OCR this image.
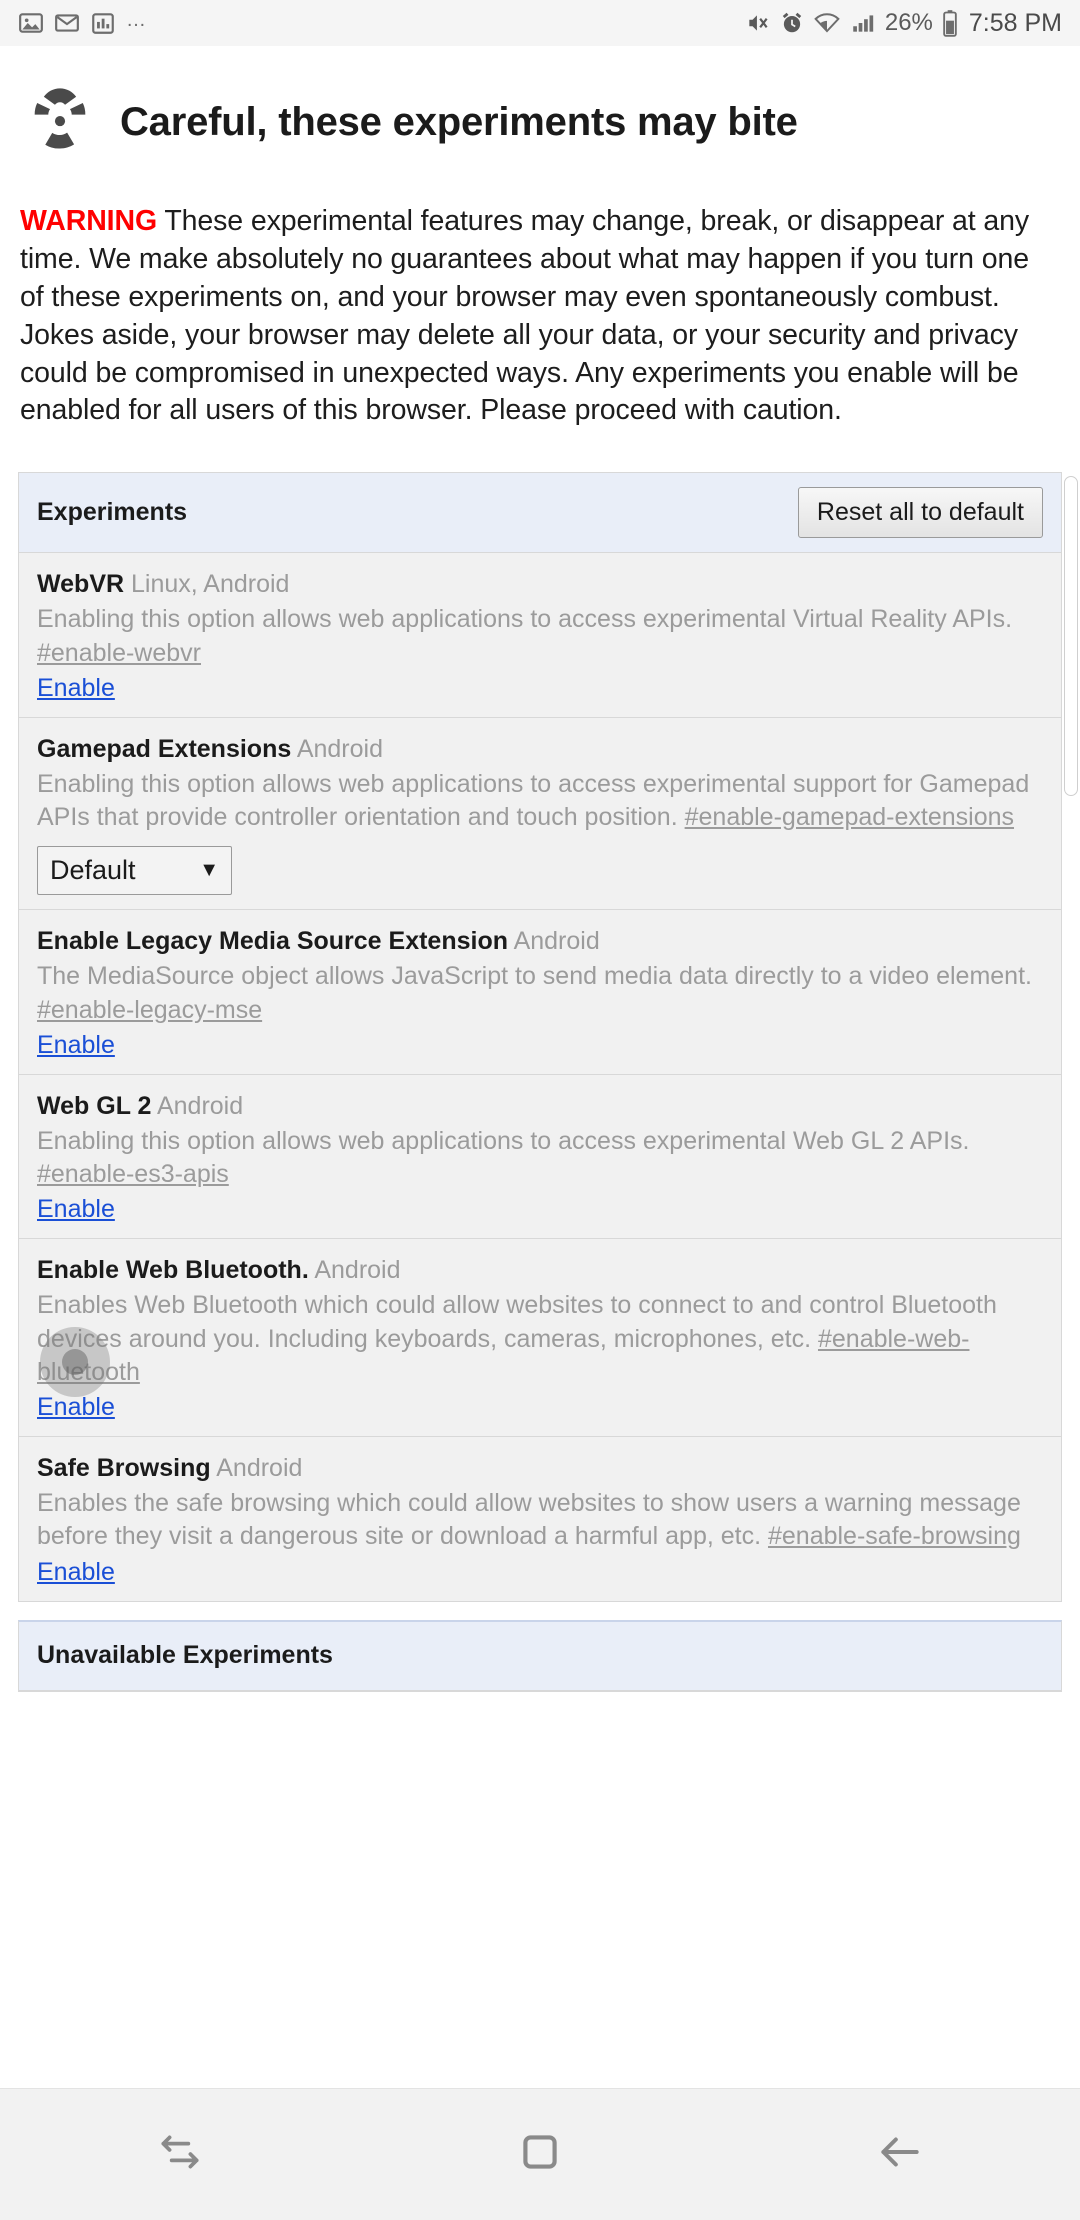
…	26% 7:58 PM
Careful, these experiments may bite
WARNING These experimental features may change, break, or disappear at any time. We make absolutely no guarantees about what may happen if you turn one of these experiments on, and your browser may even spontaneously combust. Jokes aside, your browser may delete all your data, or your security and privacy could be compromised in unexpected ways. Any experiments you enable will be enabled for all users of this browser. Please proceed with caution.
Experiments	Reset all to default
WebVR Linux, Android
Enabling this option allows web applications to access experimental Virtual Reality APIs. #enable-webvr
Enable
Gamepad Extensions Android
Enabling this option allows web applications to access experimental support for Gamepad APIs that provide controller orientation and touch position. #enable-gamepad-extensions
Default	▼
Enable Legacy Media Source Extension Android
The MediaSource object allows JavaScript to send media data directly to a video element. #enable-legacy-mse
Enable
Web GL 2 Android
Enabling this option allows web applications to access experimental Web GL 2 APIs. #enable-es3-apis
Enable
Enable Web Bluetooth. Android
Enables Web Bluetooth which could allow websites to connect to and control Bluetooth devices around you. Including keyboards, cameras, microphones, etc. #enable-web-bluetooth
Enable
Safe Browsing Android
Enables the safe browsing which could allow websites to show users a warning message before they visit a dangerous site or download a harmful app, etc. #enable-safe-browsing
Enable
Unavailable Experiments
